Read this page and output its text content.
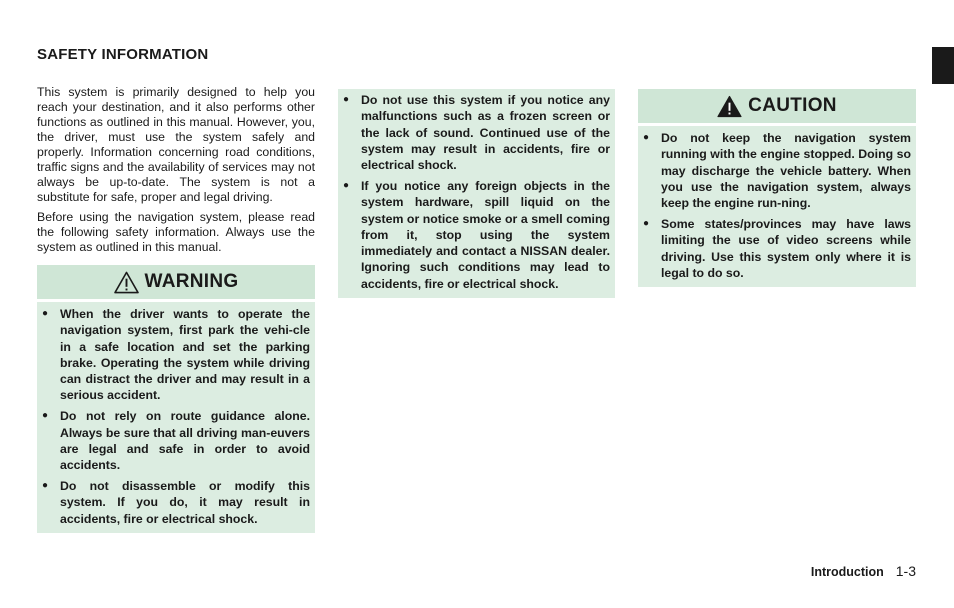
SAFETY INFORMATION

This system is primarily designed to help you reach your destination, and it also performs other functions as outlined in this manual. However, you, the driver, must use the system safely and properly. Information concerning road conditions, traffic signs and the availability of services may not always be up-to-date. The system is not a substitute for safe, proper and legal driving.

Before using the navigation system, please read the following safety information. Always use the system as outlined in this manual.

WARNING
● When the driver wants to operate the navigation system, first park the vehi-cle in a safe location and set the parking brake. Operating the system while driving can distract the driver and may result in a serious accident.
● Do not rely on route guidance alone. Always be sure that all driving man-euvers are legal and safe in order to avoid accidents.
● Do not disassemble or modify this system. If you do, it may result in accidents, fire or electrical shock.
● Do not use this system if you notice any malfunctions such as a frozen screen or the lack of sound. Continued use of the system may result in accidents, fire or electrical shock.
● If you notice any foreign objects in the system hardware, spill liquid on the system or notice smoke or a smell coming from it, stop using the system immediately and contact a NISSAN dealer. Ignoring such conditions may lead to accidents, fire or electrical shock.
CAUTION
● Do not keep the navigation system running with the engine stopped. Doing so may discharge the vehicle battery. When you use the navigation system, always keep the engine run-ning.
● Some states/provinces may have laws limiting the use of video screens while driving. Use this system only where it is legal to do so.
Introduction 1-3
